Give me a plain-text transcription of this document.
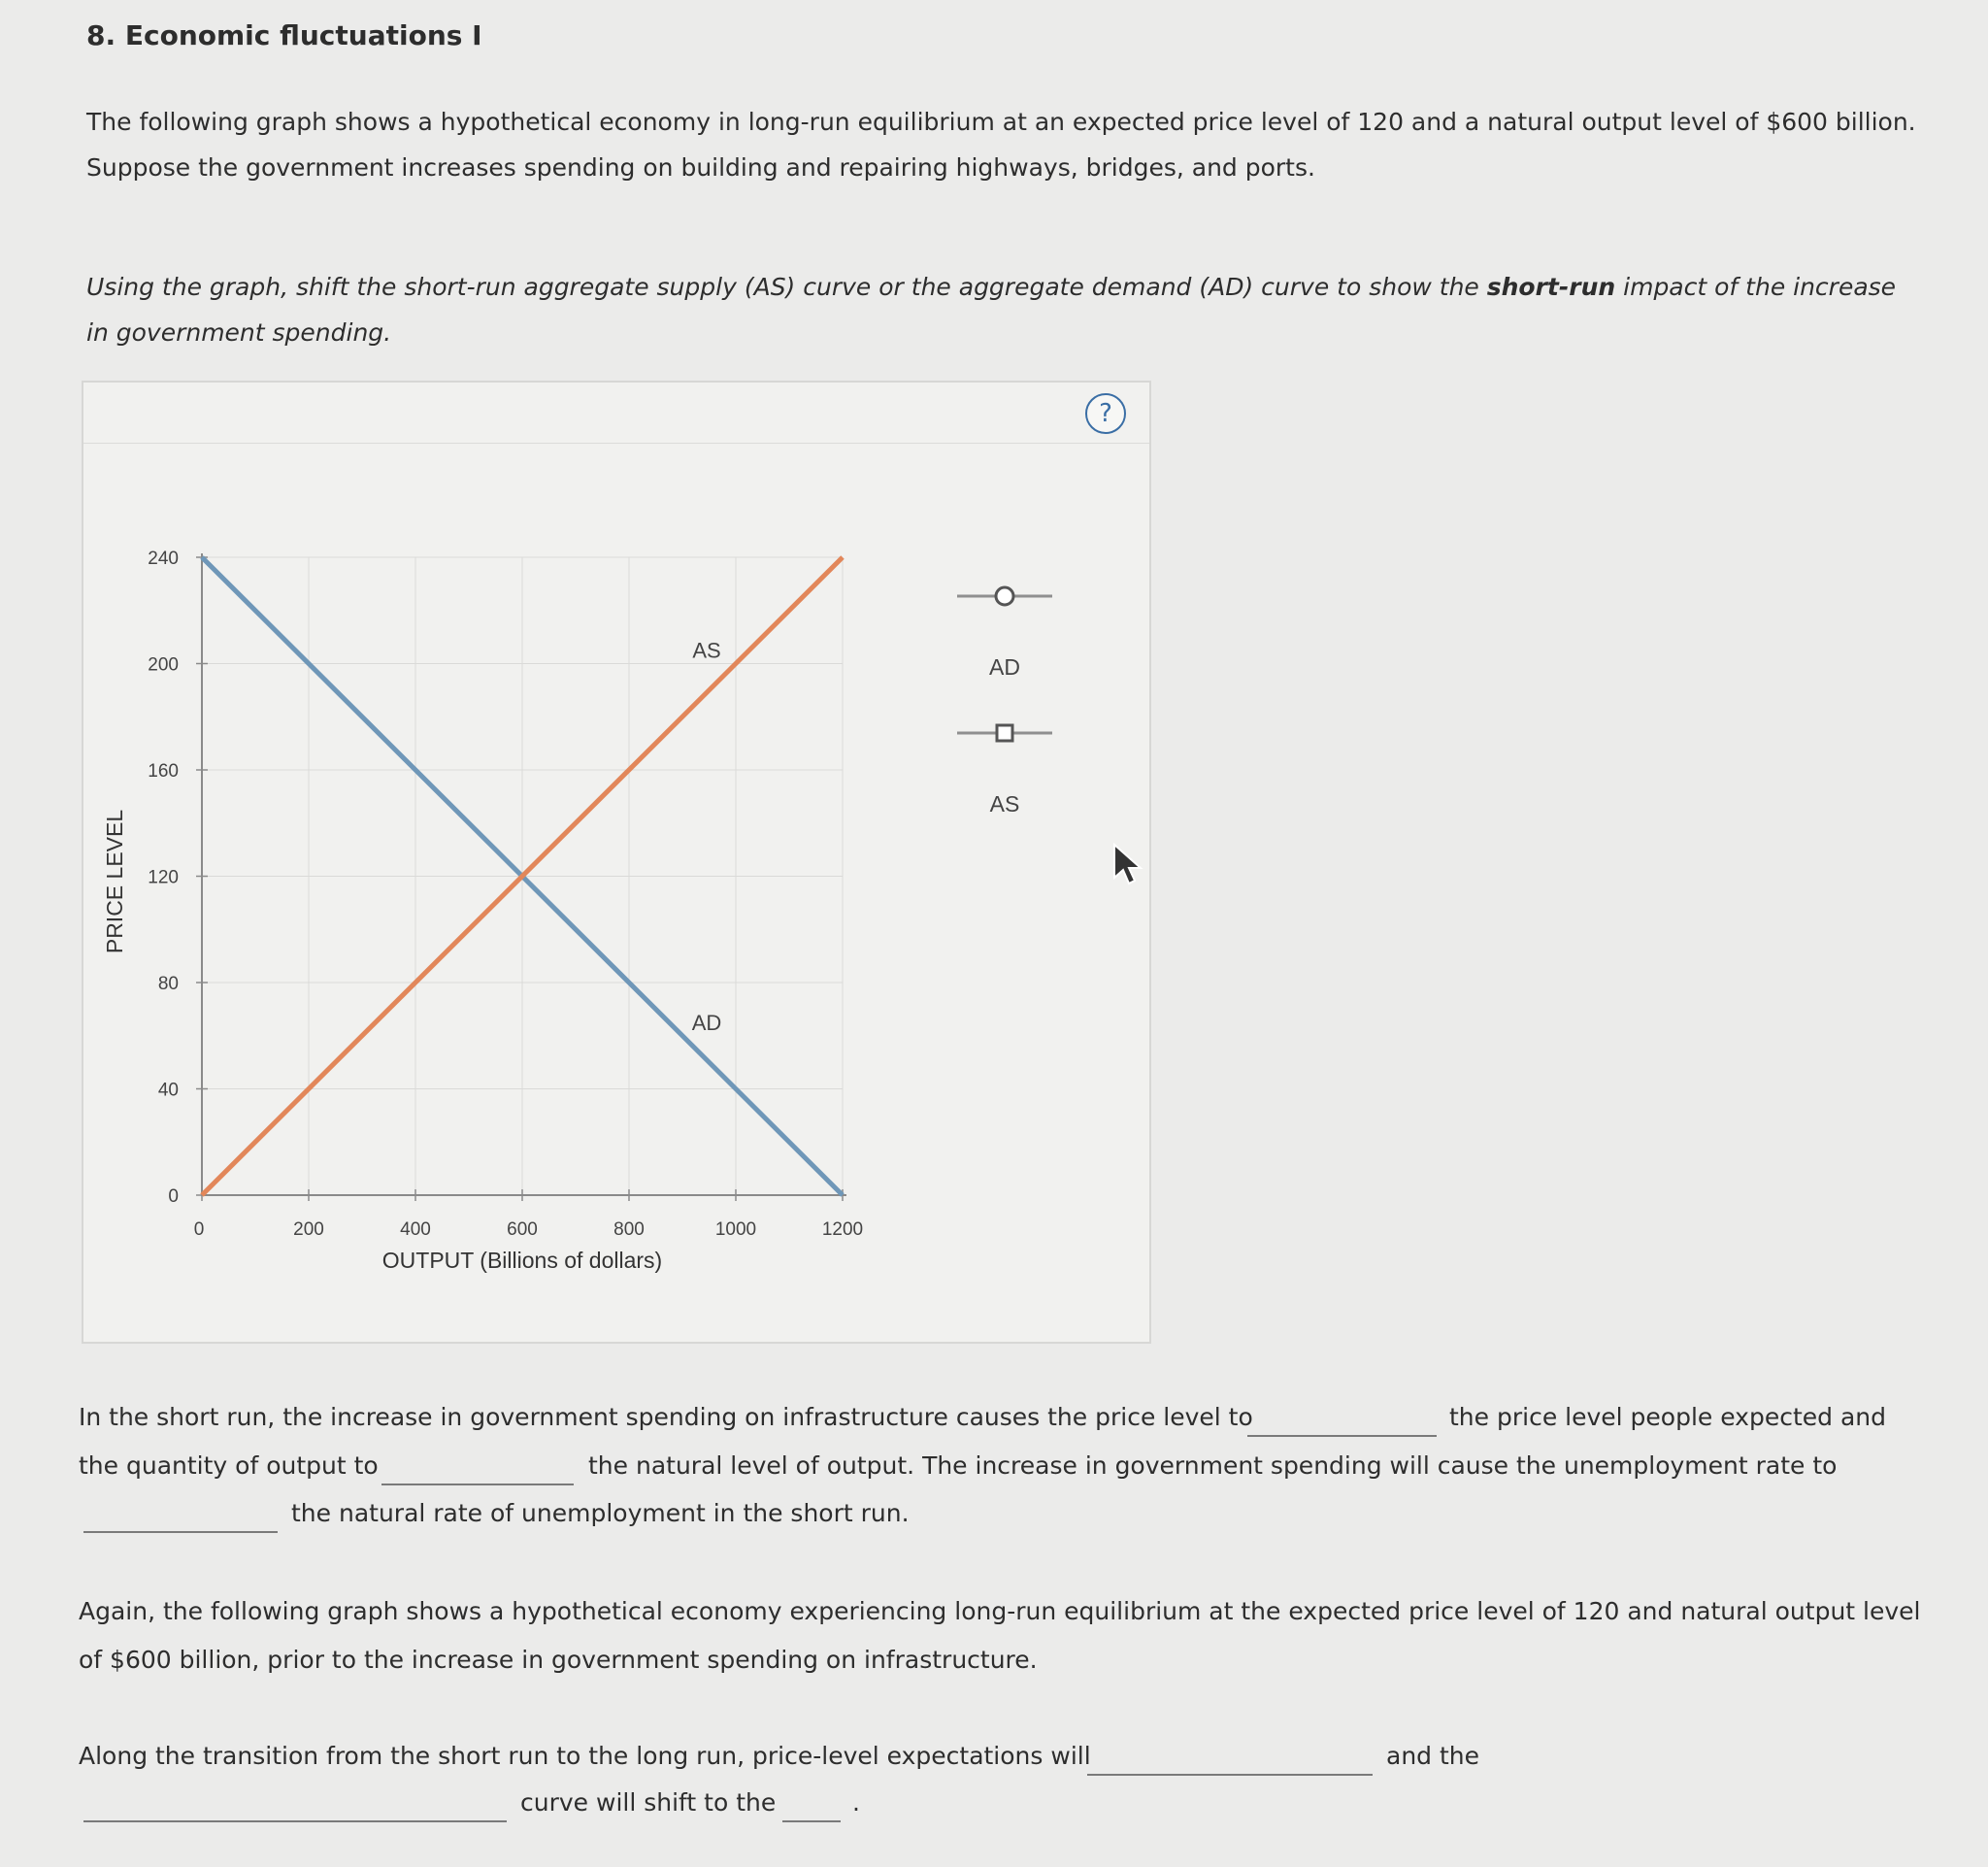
8. Economic fluctuations I
The following graph shows a hypothetical economy in long-run equilibrium at an expected price level of 120 and a natural output level of $600 billion.
Suppose the government increases spending on building and repairing highways, bridges, and ports.
Using the graph, shift the short-run aggregate supply (AS) curve or the aggregate demand (AD) curve to show the short-run impact of the increase
in government spending.
?
0	200	400	600	800	1000	1200
0
40
80
120
160
200
240
AD
AS
AD
AS
OUTPUT (Billions of dollars)
PRICE LEVEL
In the short run, the increase in government spending on infrastructure causes the price level to	the price level people expected and
the quantity of output to	the natural level of output. The increase in government spending will cause the unemployment rate to
the natural rate of unemployment in the short run.
Again, the following graph shows a hypothetical economy experiencing long-run equilibrium at the expected price level of 120 and natural output level
of $600 billion, prior to the increase in government spending on infrastructure.
Along the transition from the short run to the long run, price-level expectations will	and the
curve will shift to the	.
